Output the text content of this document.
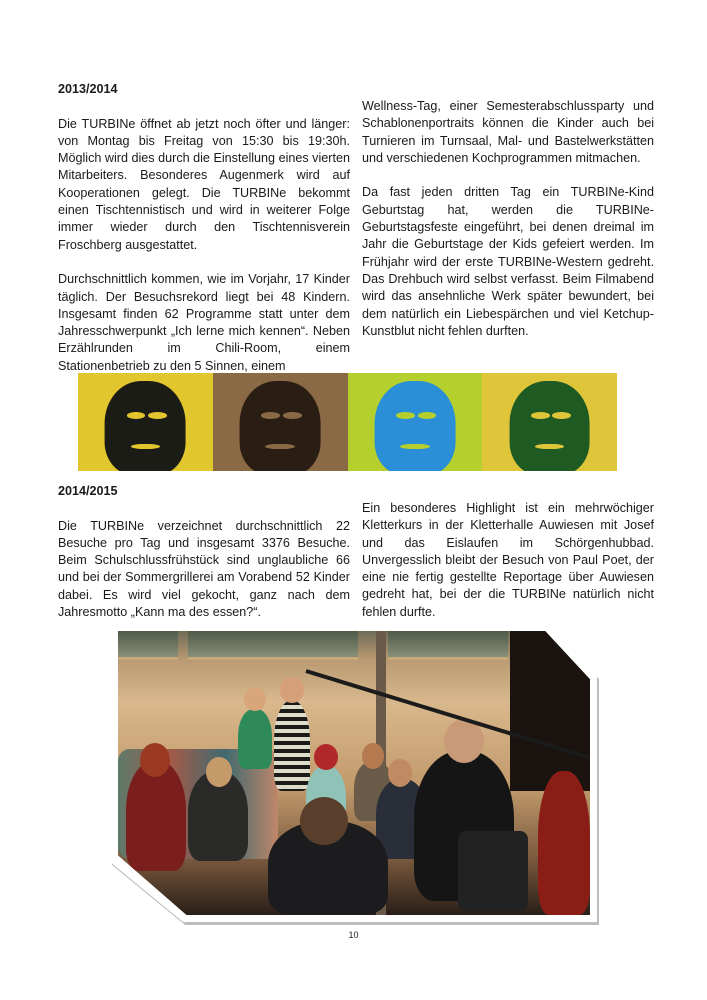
2013/2014

Die TURBINe öffnet ab jetzt noch öfter und länger: von Montag bis Freitag von 15:30 bis 19:30h. Möglich wird dies durch die Einstellung eines vierten Mitarbeiters. Besonderes Augenmerk wird auf Kooperationen gelegt. Die TURBINe bekommt einen Tischtennistisch und wird in weiterer Folge immer wieder durch den Tischtennisverein Froschberg ausgestattet.

Durchschnittlich kommen, wie im Vorjahr, 17 Kinder täglich. Der Besuchsrekord liegt bei 48 Kindern. Insgesamt finden 62 Programme statt unter dem Jahresschwerpunkt „Ich lerne mich kennen“. Neben Erzählrunden im Chili-Room, einem Stationenbetrieb zu den 5 Sinnen, einem

Wellness-Tag, einer Semesterabschlussparty und Schablonenportraits können die Kinder auch bei Turnieren im Turnsaal, Mal- und Bastelwerkstätten und verschiedenen Kochprogrammen mitmachen.

Da fast jeden dritten Tag ein TURBINe-Kind Geburtstag hat, werden die TURBINe-Geburtstagsfeste eingeführt, bei denen dreimal im Jahr die Geburtstage der Kids gefeiert werden. Im Frühjahr wird der erste TURBINe-Western gedreht. Das Drehbuch wird selbst verfasst. Beim Filmabend wird das ansehnliche Werk später bewundert, bei dem natürlich ein Liebespärchen und viel Ketchup-Kunstblut nicht fehlen durften.

2014/2015

Die TURBINe verzeichnet durchschnittlich 22 Besuche pro Tag und insgesamt 3376 Besuche. Beim Schulschlussfrühstück sind unglaubliche 66 und bei der Sommergrillerei am Vorabend 52 Kinder dabei. Es wird viel gekocht, ganz nach dem Jahresmotto „Kann ma des essen?“.

Ein besonderes Highlight ist ein mehrwöchiger Kletterkurs in der Kletterhalle Auwiesen mit Josef und das Eislaufen im Schörgenhubbad. Unvergesslich bleibt der Besuch von Paul Poet, der eine nie fertig gestellte Reportage über Auwiesen gedreht hat, bei der die TURBINe natürlich nicht fehlen durfte.

10
